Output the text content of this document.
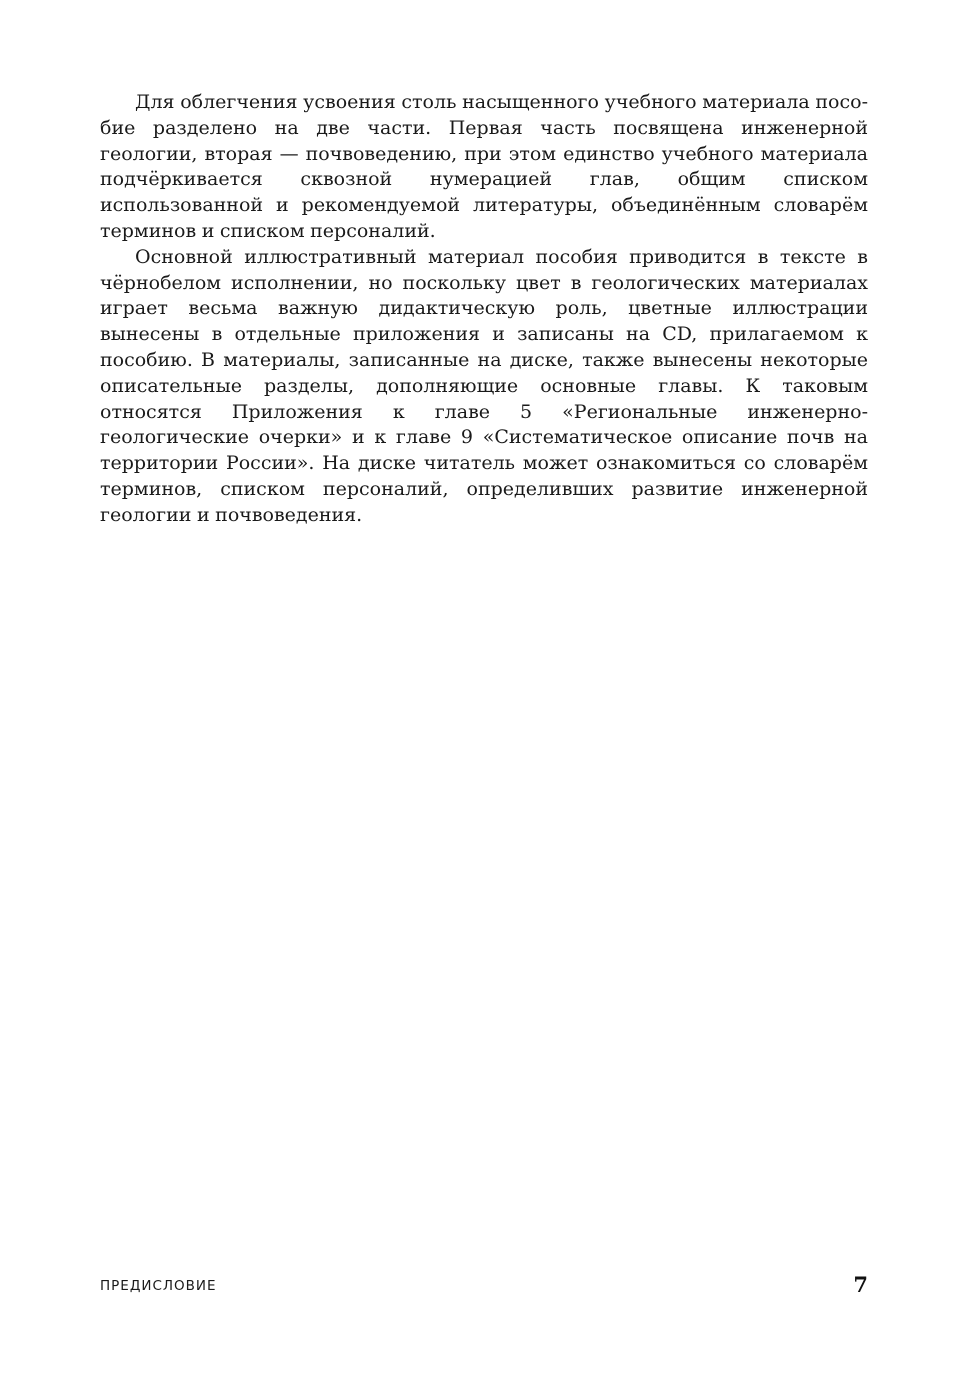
Для облегчения усвоения столь насыщенного учебного материала пособие разделено на две части. Первая часть посвящена инженерной геологии, вторая — почвоведению, при этом единство учебного материала подчёркивается сквозной нумерацией глав, общим списком использованной и рекомендуемой литературы, объединённым словарём терминов и списком персоналий.

Основной иллюстративный материал пособия приводится в тексте в чёрнобелом исполнении, но поскольку цвет в геологических материалах играет весьма важную дидактическую роль, цветные иллюстрации вынесены в отдельные приложения и записаны на CD, прилагаемом к пособию. В материалы, записанные на диске, также вынесены некоторые описательные разделы, дополняющие основные главы. К таковым относятся Приложения к главе 5 «Региональные инженерно-геологические очерки» и к главе 9 «Систематическое описание почв на территории России». На диске читатель может ознакомиться со словарём терминов, списком персоналий, определивших развитие инженерной геологии и почвоведения.

ПРЕДИСЛОВИЕ	7
